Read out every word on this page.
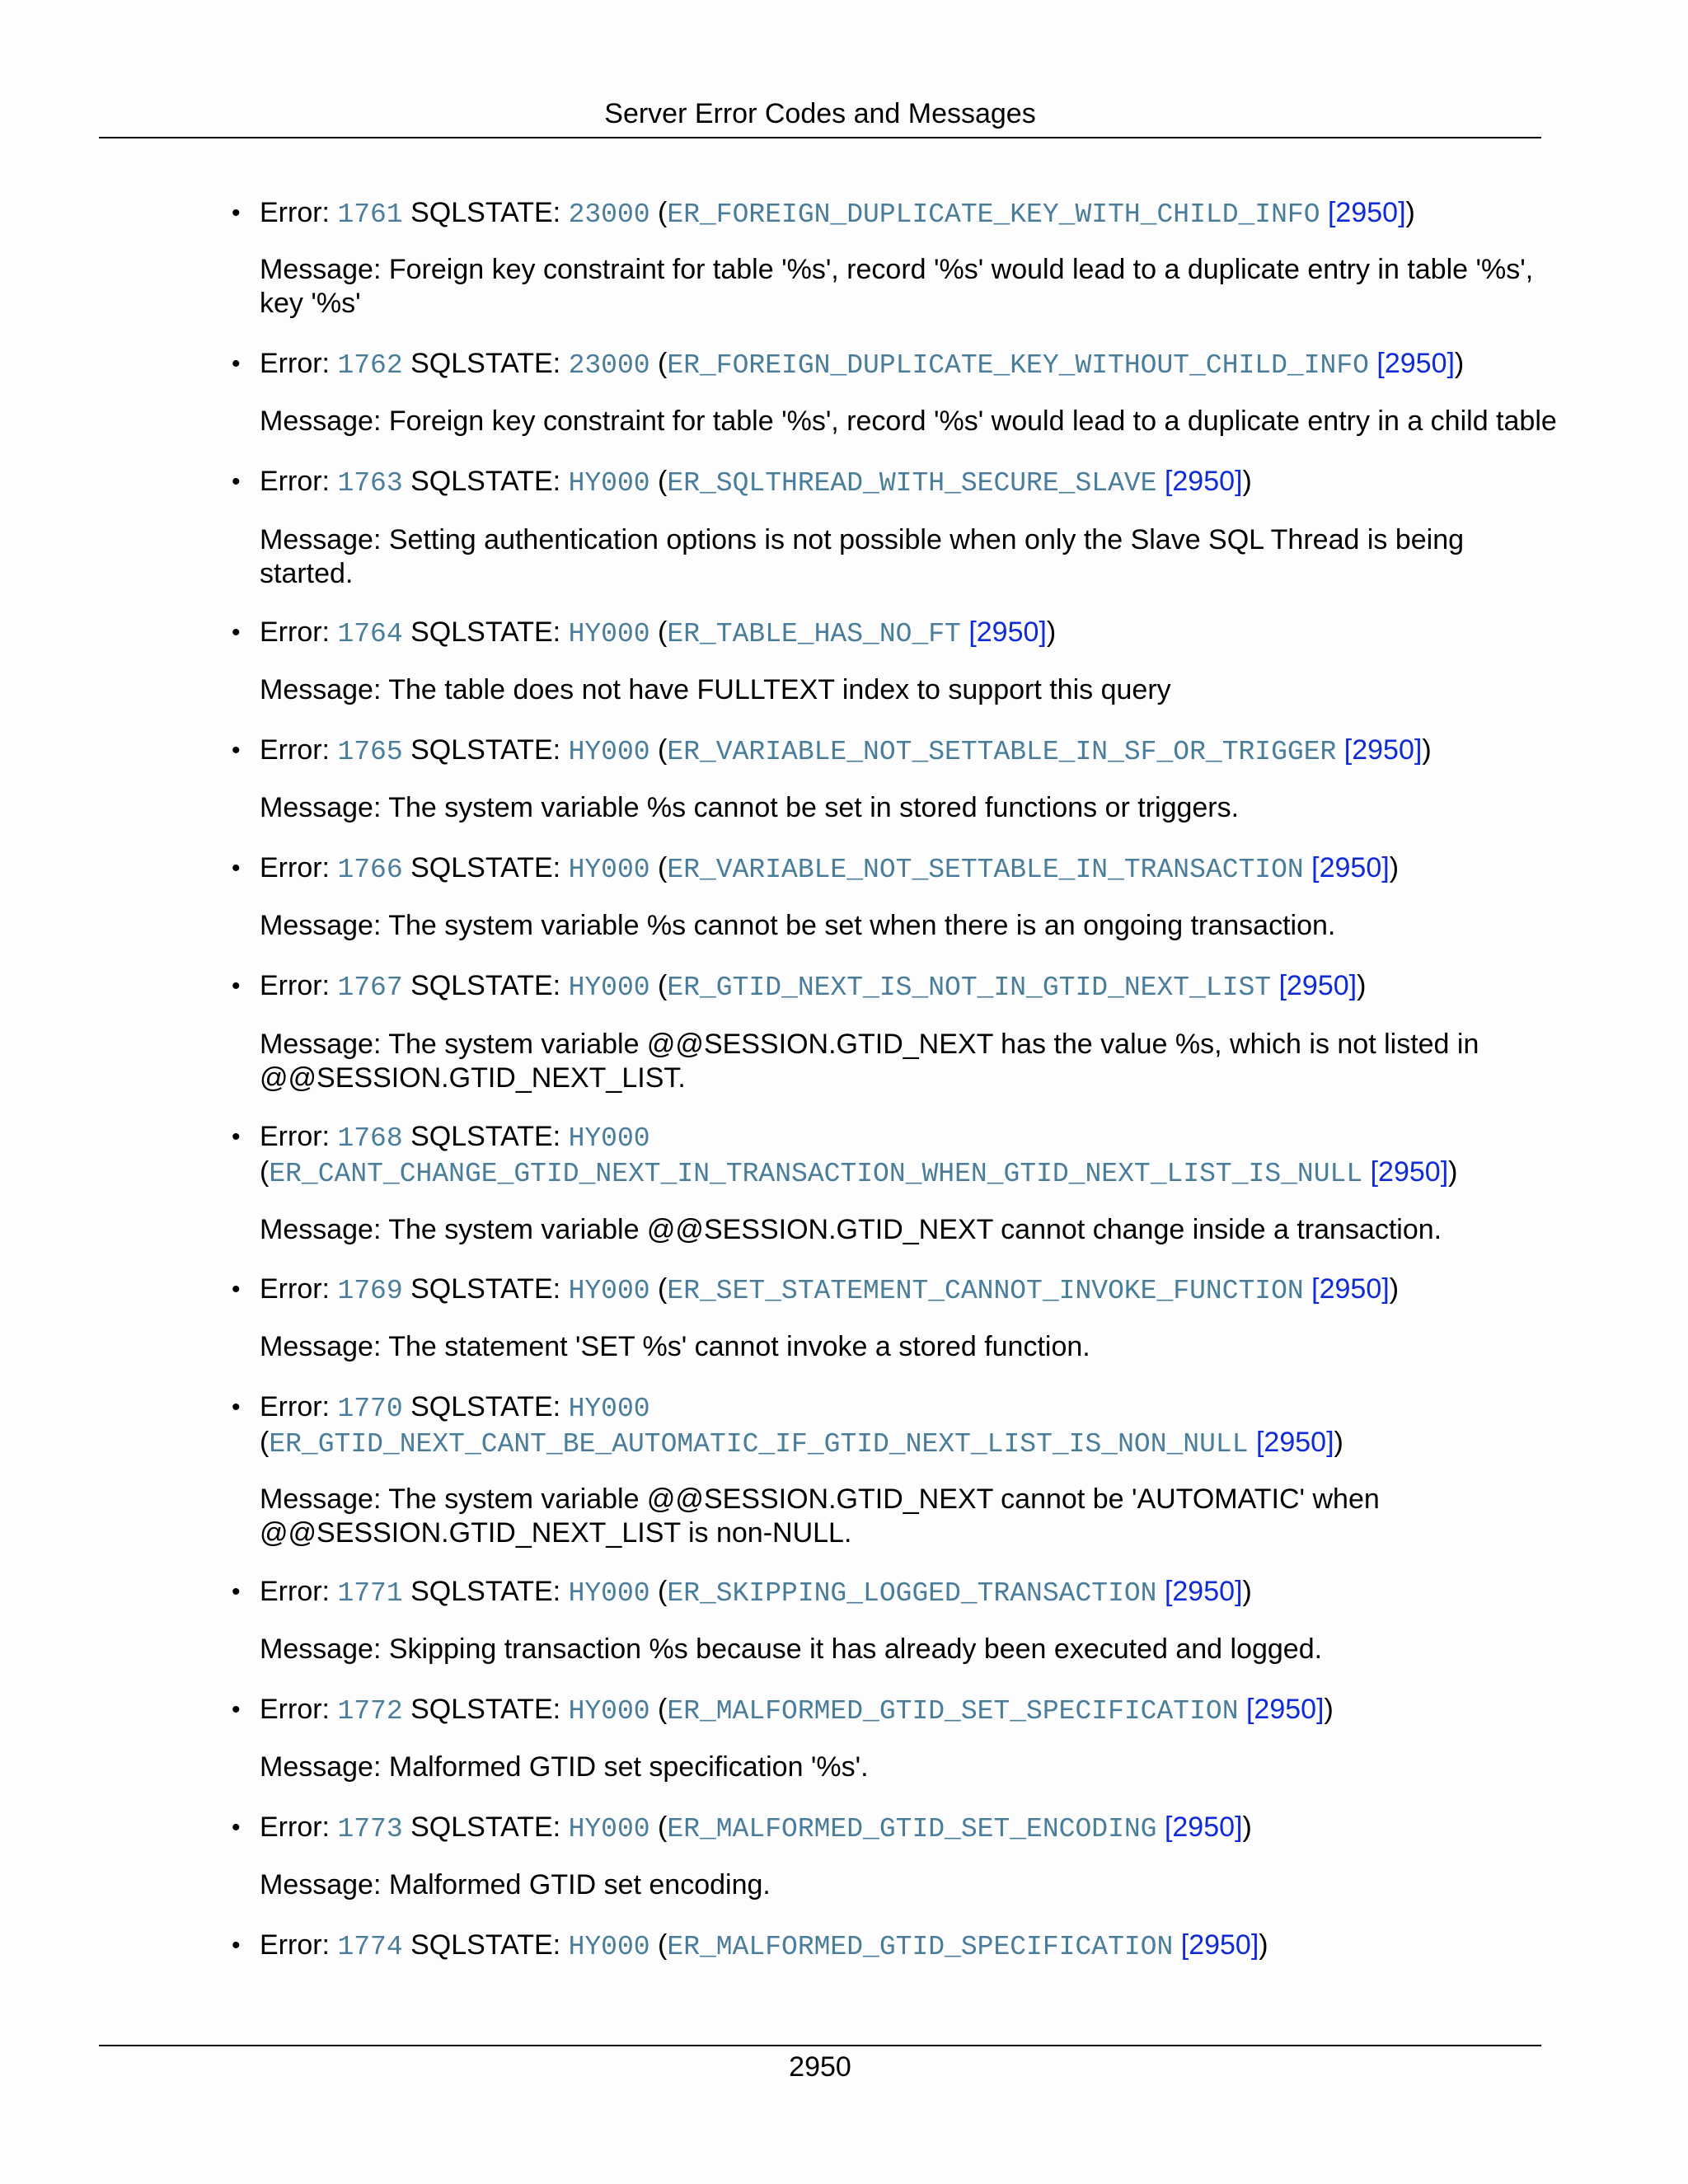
Server Error Codes and Messages
• Error: 1761 SQLSTATE: 23000 (ER_FOREIGN_DUPLICATE_KEY_WITH_CHILD_INFO [2950])
Message: Foreign key constraint for table '%s', record '%s' would lead to a duplicate entry in table '%s', key '%s'
• Error: 1762 SQLSTATE: 23000 (ER_FOREIGN_DUPLICATE_KEY_WITHOUT_CHILD_INFO [2950])
Message: Foreign key constraint for table '%s', record '%s' would lead to a duplicate entry in a child table
• Error: 1763 SQLSTATE: HY000 (ER_SQLTHREAD_WITH_SECURE_SLAVE [2950])
Message: Setting authentication options is not possible when only the Slave SQL Thread is being started.
• Error: 1764 SQLSTATE: HY000 (ER_TABLE_HAS_NO_FT [2950])
Message: The table does not have FULLTEXT index to support this query
• Error: 1765 SQLSTATE: HY000 (ER_VARIABLE_NOT_SETTABLE_IN_SF_OR_TRIGGER [2950])
Message: The system variable %s cannot be set in stored functions or triggers.
• Error: 1766 SQLSTATE: HY000 (ER_VARIABLE_NOT_SETTABLE_IN_TRANSACTION [2950])
Message: The system variable %s cannot be set when there is an ongoing transaction.
• Error: 1767 SQLSTATE: HY000 (ER_GTID_NEXT_IS_NOT_IN_GTID_NEXT_LIST [2950])
Message: The system variable @@SESSION.GTID_NEXT has the value %s, which is not listed in @@SESSION.GTID_NEXT_LIST.
• Error: 1768 SQLSTATE: HY000
(ER_CANT_CHANGE_GTID_NEXT_IN_TRANSACTION_WHEN_GTID_NEXT_LIST_IS_NULL [2950])
Message: The system variable @@SESSION.GTID_NEXT cannot change inside a transaction.
• Error: 1769 SQLSTATE: HY000 (ER_SET_STATEMENT_CANNOT_INVOKE_FUNCTION [2950])
Message: The statement 'SET %s' cannot invoke a stored function.
• Error: 1770 SQLSTATE: HY000
(ER_GTID_NEXT_CANT_BE_AUTOMATIC_IF_GTID_NEXT_LIST_IS_NON_NULL [2950])
Message: The system variable @@SESSION.GTID_NEXT cannot be 'AUTOMATIC' when @@SESSION.GTID_NEXT_LIST is non-NULL.
• Error: 1771 SQLSTATE: HY000 (ER_SKIPPING_LOGGED_TRANSACTION [2950])
Message: Skipping transaction %s because it has already been executed and logged.
• Error: 1772 SQLSTATE: HY000 (ER_MALFORMED_GTID_SET_SPECIFICATION [2950])
Message: Malformed GTID set specification '%s'.
• Error: 1773 SQLSTATE: HY000 (ER_MALFORMED_GTID_SET_ENCODING [2950])
Message: Malformed GTID set encoding.
• Error: 1774 SQLSTATE: HY000 (ER_MALFORMED_GTID_SPECIFICATION [2950])
2950
